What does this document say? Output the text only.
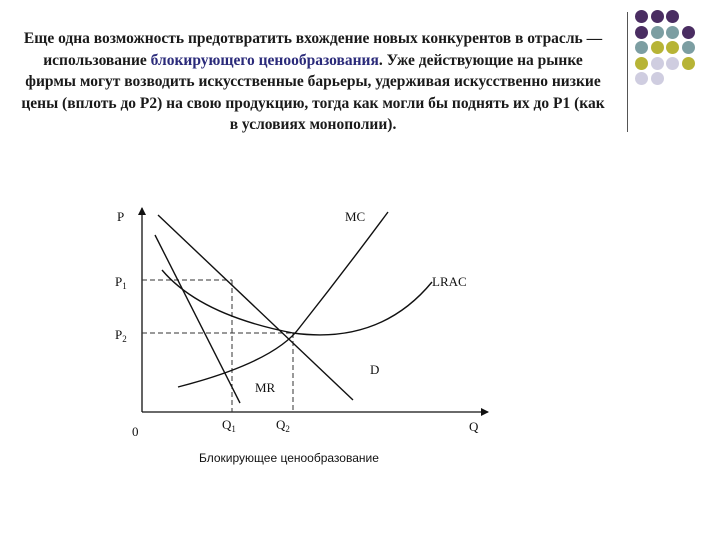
Еще одна возможность предотвратить вхождение новых конкурентов в отрасль — использование блокирующего ценообразования. Уже действующие на рынке фирмы могут возводить искусственные барьеры, удерживая искусственно низкие цены (вплоть до P2) на свою продукцию, тогда как могли бы поднять их до P1 (как в условиях монополии).
P
Q
0
$P_1$
$P_2$
$Q_1$	$Q_2$
MC
LRAC
D
MR
Блокирующее ценообразование
